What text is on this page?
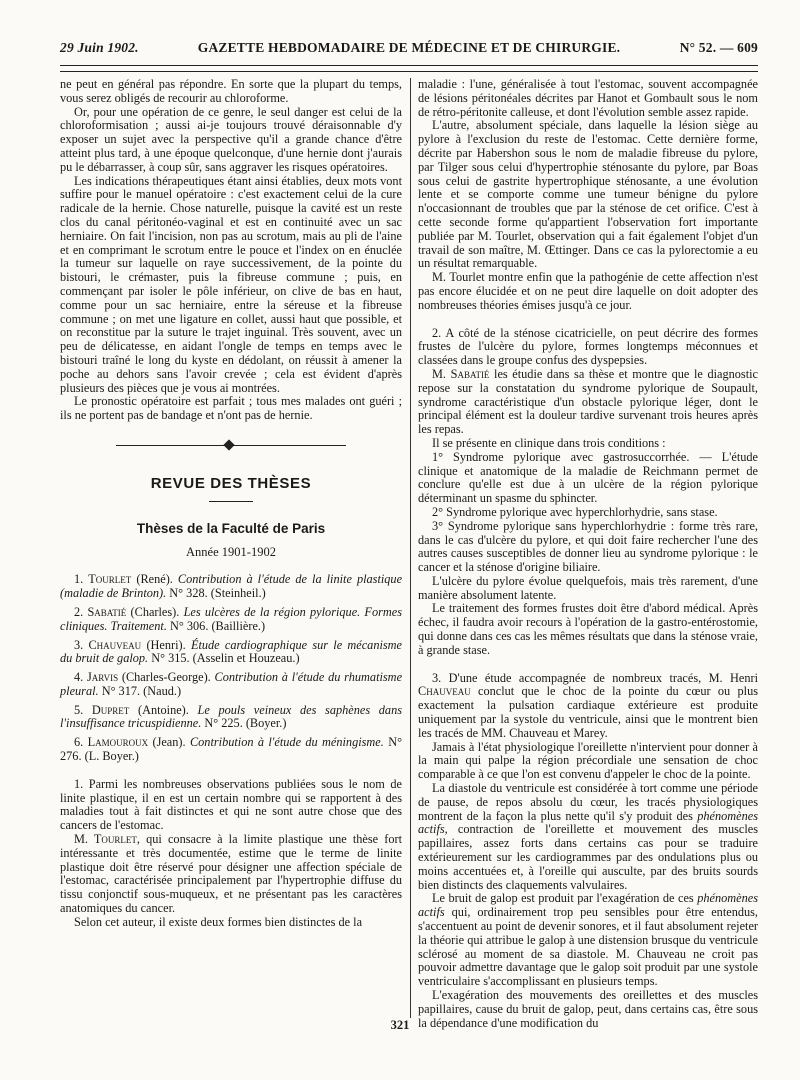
29 Juin 1902.	GAZETTE HEBDOMADAIRE DE MÉDECINE ET DE CHIRURGIE.	N° 52. — 609

ne peut en général pas répondre. En sorte que la plupart du temps, vous serez obligés de recourir au chloroforme.

Or, pour une opération de ce genre, le seul danger est celui de la chloroformisation ; aussi ai-je toujours trouvé déraisonnable d'y exposer un sujet avec la perspective qu'il a grande chance d'être atteint plus tard, à une époque quelconque, d'une hernie dont j'aurais pu le débarrasser, à coup sûr, sans aggraver les risques opératoires.

Les indications thérapeutiques étant ainsi établies, deux mots vont suffire pour le manuel opératoire : c'est exactement celui de la cure radicale de la hernie. Chose naturelle, puisque la cavité est un reste clos du canal péritonéo-vaginal et est en continuité avec un sac herniaire. On fait l'incision, non pas au scrotum, mais au pli de l'aine et en comprimant le scrotum entre le pouce et l'index on en énuclée la tumeur sur laquelle on raye successivement, de la pointe du bistouri, le crémaster, puis la fibreuse commune ; puis, en commençant par isoler le pôle inférieur, on clive de bas en haut, comme pour un sac herniaire, entre la séreuse et la fibreuse commune ; on met une ligature en collet, aussi haut que possible, et on reconstitue par la suture le trajet inguinal. Très souvent, avec un peu de délicatesse, en aidant l'ongle de temps en temps avec le bistouri traîné le long du kyste en dédolant, on réussit à amener la poche au dehors sans l'avoir crevée ; cela est évident d'après plusieurs des pièces que je vous ai montrées.

Le pronostic opératoire est parfait ; tous mes malades ont guéri ; ils ne portent pas de bandage et n'ont pas de hernie.

REVUE DES THÈSES
Thèses de la Faculté de Paris
Année 1901-1902

1. Tourlet (René). Contribution à l'étude de la linite plastique (maladie de Brinton). N° 328. (Steinheil.)

2. Sabatié (Charles). Les ulcères de la région pylorique. Formes cliniques. Traitement. N° 306. (Baillière.)

3. Chauveau (Henri). Étude cardiographique sur le mécanisme du bruit de galop. N° 315. (Asselin et Houzeau.)

4. Jarvis (Charles-George). Contribution à l'étude du rhumatisme pleural. N° 317. (Naud.)

5. Dupret (Antoine). Le pouls veineux des saphènes dans l'insuffisance tricuspidienne. N° 225. (Boyer.)

6. Lamouroux (Jean). Contribution à l'étude du méningisme. N° 276. (L. Boyer.)

1. Parmi les nombreuses observations publiées sous le nom de linite plastique, il en est un certain nombre qui se rapportent à des maladies tout à fait distinctes et qui ne sont autre chose que des cancers de l'estomac.

M. Tourlet, qui consacre à la limite plastique une thèse fort intéressante et très documentée, estime que le terme de linite plastique doit être réservé pour désigner une affection spéciale de l'estomac, caractérisée principalement par l'hypertrophie diffuse du tissu conjonctif sous-muqueux, et ne présentant pas les caractères anatomiques du cancer.

Selon cet auteur, il existe deux formes bien distinctes de la

maladie : l'une, généralisée à tout l'estomac, souvent accompagnée de lésions péritonéales décrites par Hanot et Gombault sous le nom de rétro-péritonite calleuse, et dont l'évolution semble assez rapide.

L'autre, absolument spéciale, dans laquelle la lésion siège au pylore à l'exclusion du reste de l'estomac. Cette dernière forme, décrite par Habershon sous le nom de maladie fibreuse du pylore, par Tilger sous celui d'hypertrophie sténosante du pylore, par Boas sous celui de gastrite hypertrophique sténosante, a une évolution lente et se comporte comme une tumeur bénigne du pylore n'occasionnant de troubles que par la sténose de cet orifice. C'est à cette seconde forme qu'appartient l'observation fort importante publiée par M. Tourlet, observation qui a fait également l'objet d'un travail de son maître, M. Œttinger. Dans ce cas la pylorectomie a eu un résultat remarquable.

M. Tourlet montre enfin que la pathogénie de cette affection n'est pas encore élucidée et on ne peut dire laquelle on doit adopter des nombreuses théories émises jusqu'à ce jour.

2. A côté de la sténose cicatricielle, on peut décrire des formes frustes de l'ulcère du pylore, formes longtemps méconnues et classées dans le groupe confus des dyspepsies.

M. Sabatié les étudie dans sa thèse et montre que le diagnostic repose sur la constatation du syndrome pylorique de Soupault, syndrome caractéristique d'un obstacle pylorique léger, dont le principal élément est la douleur tardive survenant trois heures après les repas.

Il se présente en clinique dans trois conditions :

1° Syndrome pylorique avec gastrosuccorrhée. — L'étude clinique et anatomique de la maladie de Reichmann permet de conclure qu'elle est due à un ulcère de la région pylorique déterminant un spasme du sphincter.

2° Syndrome pylorique avec hyperchlorhydrie, sans stase.

3° Syndrome pylorique sans hyperchlorhydrie : forme très rare, dans le cas d'ulcère du pylore, et qui doit faire rechercher l'une des autres causes susceptibles de donner lieu au syndrome pylorique : le cancer et la sténose d'origine biliaire.

L'ulcère du pylore évolue quelquefois, mais très rarement, d'une manière absolument latente.

Le traitement des formes frustes doit être d'abord médical. Après échec, il faudra avoir recours à l'opération de la gastro-entérostomie, qui donne dans ces cas les mêmes résultats que dans la sténose vraie, à grande stase.

3. D'une étude accompagnée de nombreux tracés, M. Henri Chauveau conclut que le choc de la pointe du cœur ou plus exactement la pulsation cardiaque extérieure est produite uniquement par la systole du ventricule, ainsi que le montrent bien les tracés de MM. Chauveau et Marey.

Jamais à l'état physiologique l'oreillette n'intervient pour donner à la main qui palpe la région précordiale une sensation de choc comparable à ce que l'on est convenu d'appeler le choc de la pointe.

La diastole du ventricule est considérée à tort comme une période de pause, de repos absolu du cœur, les tracés physiologiques montrent de la façon la plus nette qu'il s'y produit des phénomènes actifs, contraction de l'oreillette et mouvement des muscles papillaires, assez forts dans certains cas pour se traduire extérieurement sur les cardiogrammes par des ondulations plus ou moins accentuées et, à l'oreille qui ausculte, par des bruits sourds bien distincts des claquements valvulaires.

Le bruit de galop est produit par l'exagération de ces phénomènes actifs qui, ordinairement trop peu sensibles pour être entendus, s'accentuent au point de devenir sonores, et il faut absolument rejeter la théorie qui attribue le galop à une distension brusque du ventricule sclérosé au moment de sa diastole. M. Chauveau ne croit pas pouvoir admettre davantage que le galop soit produit par une systole ventriculaire s'accomplissant en plusieurs temps.

L'exagération des mouvements des oreillettes et des muscles papillaires, cause du bruit de galop, peut, dans certains cas, être sous la dépendance d'une modification du

321
